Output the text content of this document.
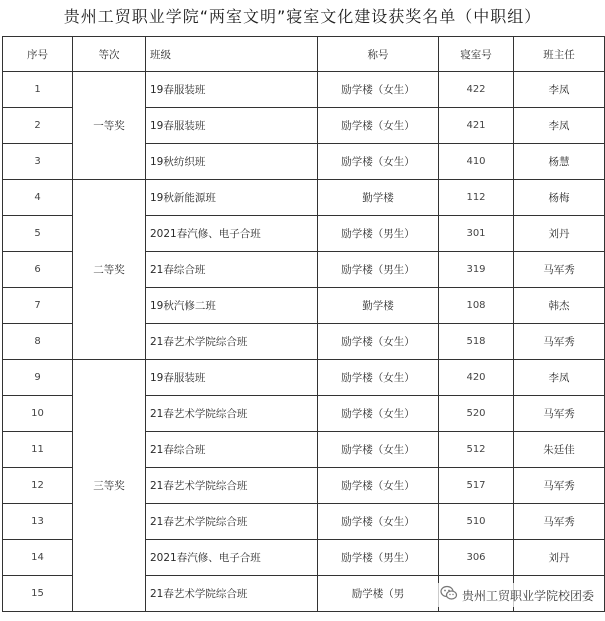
贵州工贸职业学院“两室文明”寝室文化建设获奖名单（中职组）
序号	等次	班级	称号	寝室号	班主任
1	一等奖	19春服装班	励学楼（女生）	422	李凤
2		19春服装班	励学楼（女生）	421	李凤
3		19秋纺织班	励学楼（女生）	410	杨慧
4	二等奖	19秋新能源班	勤学楼	112	杨梅
5		2021春汽修、电子合班	励学楼（男生）	301	刘丹
6		21春综合班	励学楼（男生）	319	马军秀
7		19秋汽修二班	勤学楼	108	韩杰
8		21春艺术学院综合班	励学楼（女生）	518	马军秀
9	三等奖	19春服装班	励学楼（女生）	420	李凤
10		21春艺术学院综合班	励学楼（女生）	520	马军秀
11		21春综合班	励学楼（女生）	512	朱廷佳
12		21春艺术学院综合班	励学楼（女生）	517	马军秀
13		21春艺术学院综合班	励学楼（女生）	510	马军秀
14		2021春汽修、电子合班	励学楼（男生）	306	刘丹
15		21春艺术学院综合班	励学楼（男			贵州工贸职业学院校团委
